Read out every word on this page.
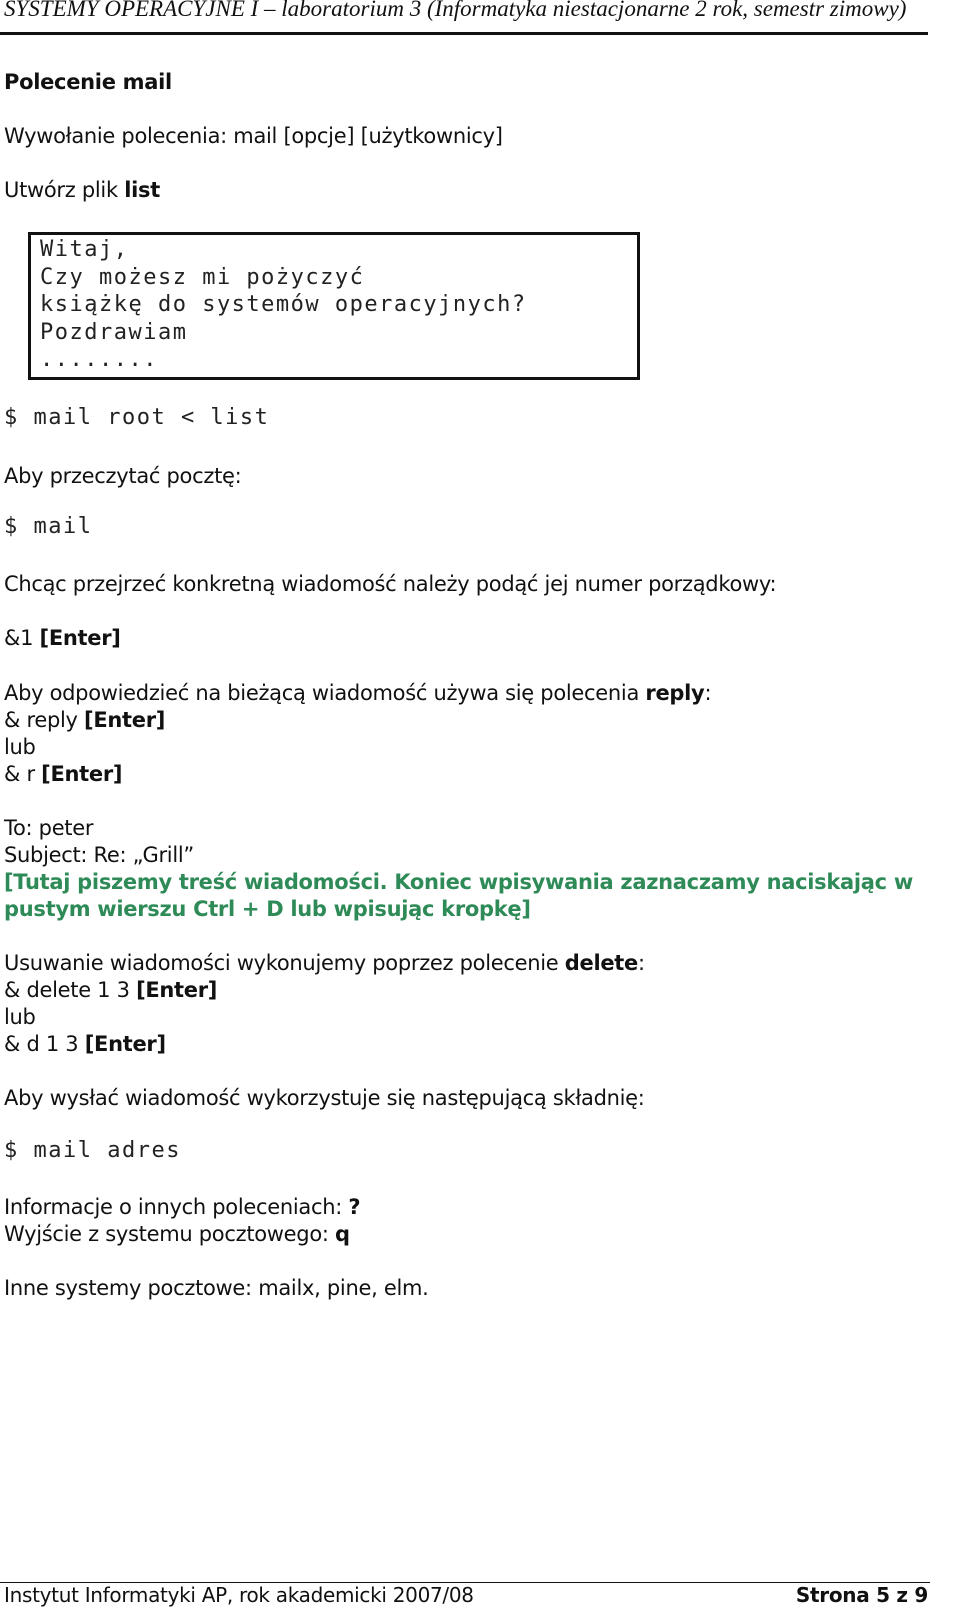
SYSTEMY OPERACYJNE I – laboratorium 3 (Informatyka niestacjonarne 2 rok, semestr zimowy)
Polecenie mail
Wywołanie polecenia: mail [opcje] [użytkownicy]
Utwórz plik list
Witaj,
Czy możesz mi pożyczyć
książkę do systemów operacyjnych?
Pozdrawiam
........
$ mail root < list
Aby przeczytać pocztę:
$ mail
Chcąc przejrzeć konkretną wiadomość należy podąć jej numer porządkowy:
&1 [Enter]
Aby odpowiedzieć na bieżącą wiadomość używa się polecenia reply:
& reply [Enter]
lub
& r [Enter]
To: peter
Subject: Re: „Grill”
[Tutaj piszemy treść wiadomości. Koniec wpisywania zaznaczamy naciskając w
pustym wierszu Ctrl + D lub wpisując kropkę]
Usuwanie wiadomości wykonujemy poprzez polecenie delete:
& delete 1 3 [Enter]
lub
& d 1 3 [Enter]
Aby wysłać wiadomość wykorzystuje się następującą składnię:
$ mail adres
Informacje o innych poleceniach: ?
Wyjście z systemu pocztowego: q
Inne systemy pocztowe: mailx, pine, elm.
Instytut Informatyki AP, rok akademicki 2007/08	Strona 5 z 9
